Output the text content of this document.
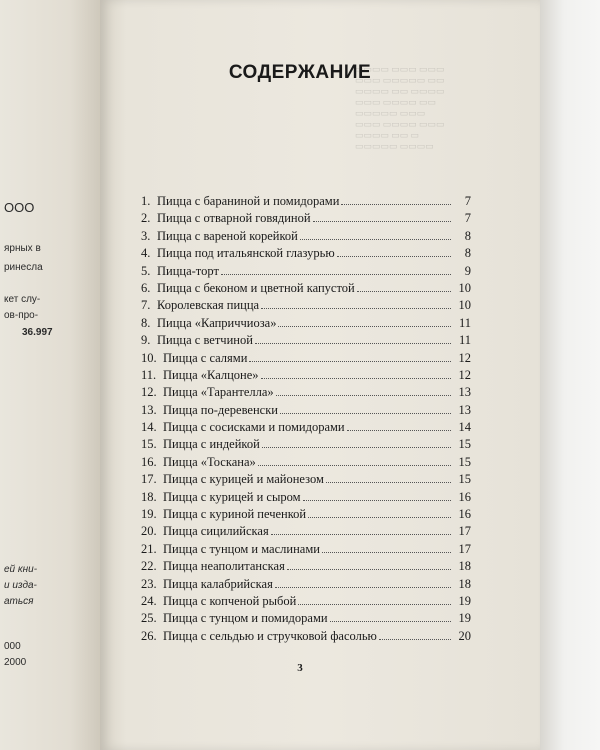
ООО
ярных в
ринесла
кет слу-
ов-про-
36.997
ей кни-
и изда-
аться
000
2000
СОДЕРЖАНИЕ
▭▭▭▭ ▭▭▭ ▭▭▭
▭▭▭ ▭▭▭▭▭ ▭▭
▭▭▭▭ ▭▭ ▭▭▭▭
▭▭▭ ▭▭▭▭ ▭▭
▭▭▭▭▭ ▭▭▭
▭▭▭ ▭▭▭▭ ▭▭▭
▭▭▭▭ ▭▭ ▭
▭▭▭▭▭ ▭▭▭▭
1. Пицца с бараниной и помидорами	7
2. Пицца с отварной говядиной	7
3. Пицца с вареной корейкой	8
4. Пицца под итальянской глазурью	8
5. Пицца-торт	9
6. Пицца с беконом и цветной капустой	10
7. Королевская пицца	10
8. Пицца «Каприччиоза»	11
9. Пицца с ветчиной	11
10. Пицца с салями	12
11. Пицца «Калцоне»	12
12. Пицца «Тарантелла»	13
13. Пицца по-деревенски	13
14. Пицца с сосисками и помидорами	14
15. Пицца с индейкой	15
16. Пицца «Тоскана»	15
17. Пицца с курицей и майонезом	15
18. Пицца с курицей и сыром	16
19. Пицца с куриной печенкой	16
20. Пицца сицилийская	17
21. Пицца с тунцом и маслинами	17
22. Пицца неаполитанская	18
23. Пицца калабрийская	18
24. Пицца с копченой рыбой	19
25. Пицца с тунцом и помидорами	19
26. Пицца с сельдью и стручковой фасолью	20
3
